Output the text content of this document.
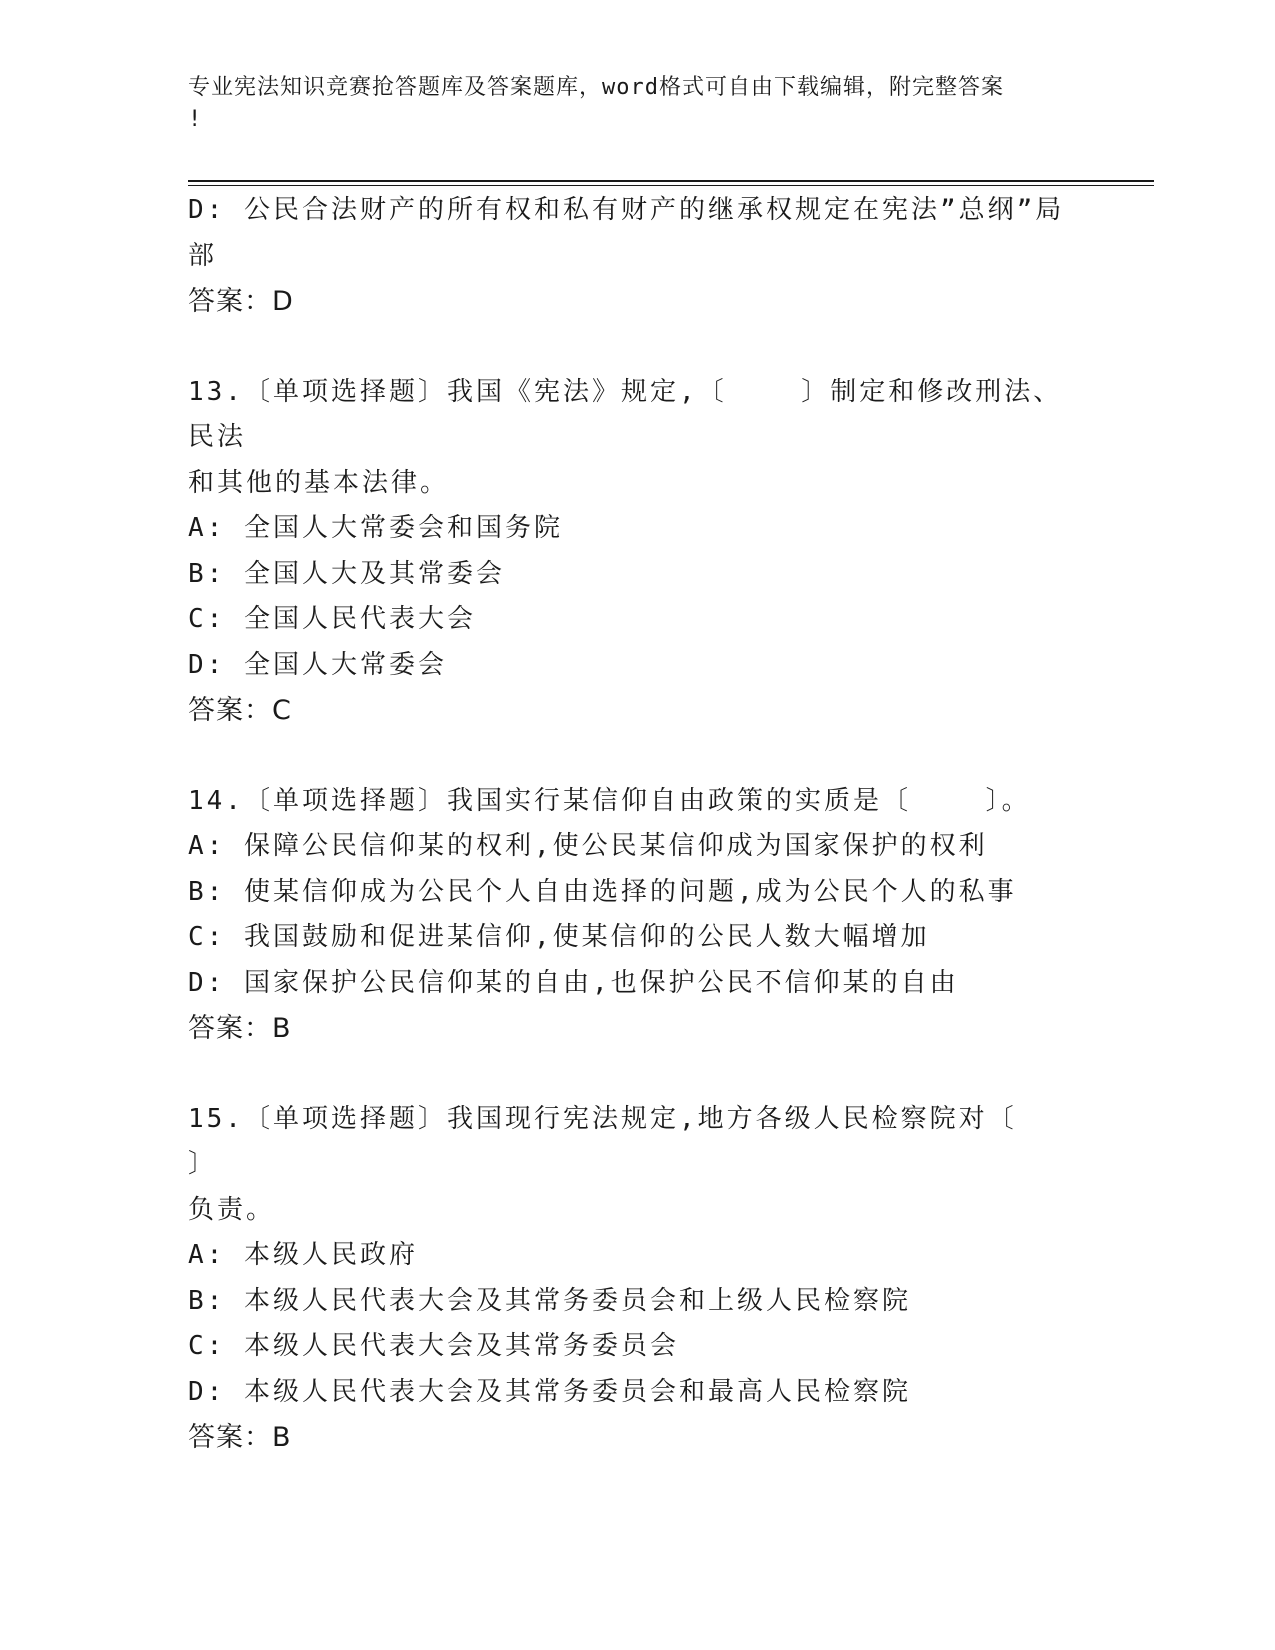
专业宪法知识竞赛抢答题库及答案题库，word格式可自由下载编辑，附完整答案
!
D: 公民合法财产的所有权和私有财产的继承权规定在宪法”总纲”局
部
答案：D
13.〔单项选择题〕我国《宪法》规定,〔    〕制定和修改刑法、民法
和其他的基本法律。
A: 全国人大常委会和国务院
B: 全国人大及其常委会
C: 全国人民代表大会
D: 全国人大常委会
答案：C
14.〔单项选择题〕我国实行某信仰自由政策的实质是〔    〕。
A: 保障公民信仰某的权利,使公民某信仰成为国家保护的权利
B: 使某信仰成为公民个人自由选择的问题,成为公民个人的私事
C: 我国鼓励和促进某信仰,使某信仰的公民人数大幅增加
D: 国家保护公民信仰某的自由,也保护公民不信仰某的自由
答案：B
15.〔单项选择题〕我国现行宪法规定,地方各级人民检察院对〔    〕
负责。
A: 本级人民政府
B: 本级人民代表大会及其常务委员会和上级人民检察院
C: 本级人民代表大会及其常务委员会
D: 本级人民代表大会及其常务委员会和最高人民检察院
答案：B
